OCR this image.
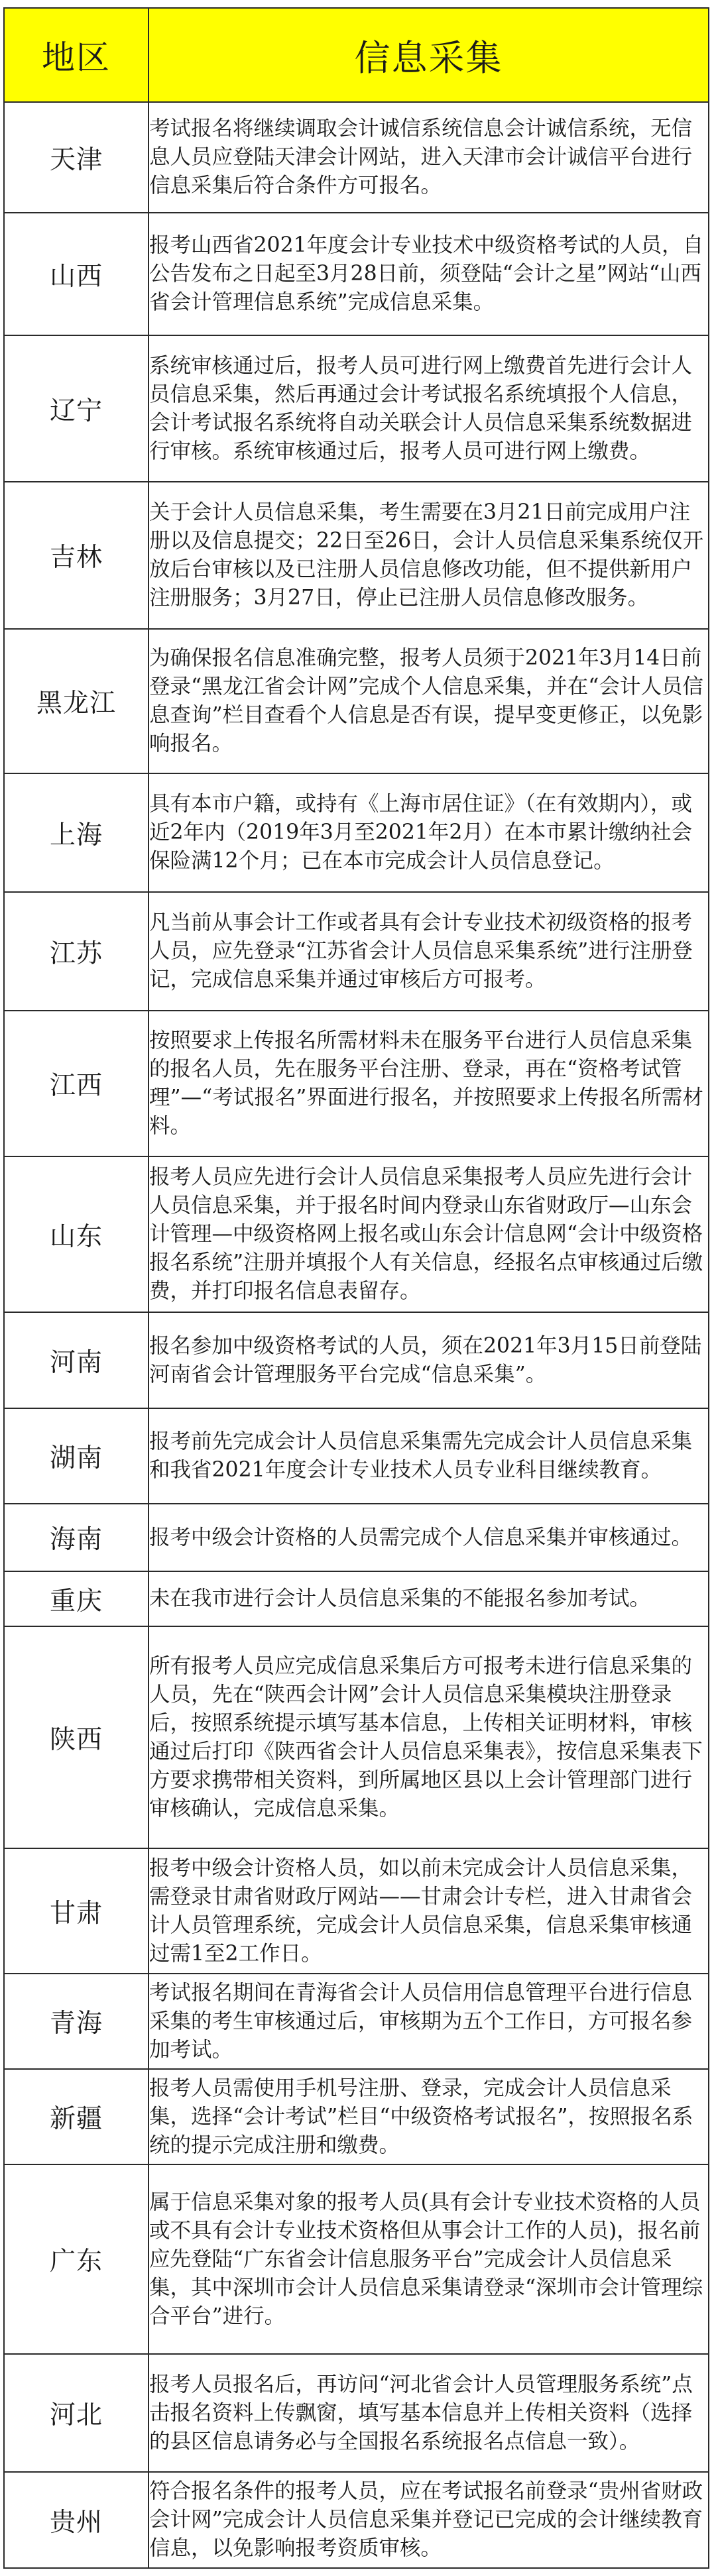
地区	信息采集
天津	考试报名将继续调取会计诚信系统信息会计诚信系统，无信息人员应登陆天津会计网站，进入天津市会计诚信平台进行信息采集后符合条件方可报名。
山西	报考山西省2021年度会计专业技术中级资格考试的人员，自公告发布之日起至3月28日前，须登陆“会计之星”网站“山西省会计管理信息系统”完成信息采集。
辽宁	系统审核通过后，报考人员可进行网上缴费首先进行会计人员信息采集，然后再通过会计考试报名系统填报个人信息，会计考试报名系统将自动关联会计人员信息采集系统数据进行审核。系统审核通过后，报考人员可进行网上缴费。
吉林	关于会计人员信息采集，考生需要在3月21日前完成用户注册以及信息提交；22日至26日，会计人员信息采集系统仅开放后台审核以及已注册人员信息修改功能，但不提供新用户注册服务；3月27日，停止已注册人员信息修改服务。
黑龙江	为确保报名信息准确完整，报考人员须于2021年3月14日前登录“黑龙江省会计网”完成个人信息采集，并在“会计人员信息查询”栏目查看个人信息是否有误，提早变更修正，以免影响报名。
上海	具有本市户籍，或持有《上海市居住证》（在有效期内），或近2年内（2019年3月至2021年2月）在本市累计缴纳社会保险满12个月；已在本市完成会计人员信息登记。
江苏	凡当前从事会计工作或者具有会计专业技术初级资格的报考人员，应先登录“江苏省会计人员信息采集系统”进行注册登记，完成信息采集并通过审核后方可报考。
江西	按照要求上传报名所需材料未在服务平台进行人员信息采集的报名人员，先在服务平台注册、登录，再在“资格考试管理”—“考试报名”界面进行报名，并按照要求上传报名所需材料。
山东	报考人员应先进行会计人员信息采集报考人员应先进行会计人员信息采集，并于报名时间内登录山东省财政厅—山东会计管理—中级资格网上报名或山东会计信息网“会计中级资格报名系统”注册并填报个人有关信息，经报名点审核通过后缴费，并打印报名信息表留存。
河南	报名参加中级资格考试的人员，须在2021年3月15日前登陆河南省会计管理服务平台完成“信息采集”。
湖南	报考前先完成会计人员信息采集需先完成会计人员信息采集和我省2021年度会计专业技术人员专业科目继续教育。
海南	报考中级会计资格的人员需完成个人信息采集并审核通过。
重庆	未在我市进行会计人员信息采集的不能报名参加考试。
陕西	所有报考人员应完成信息采集后方可报考未进行信息采集的人员，先在“陕西会计网”会计人员信息采集模块注册登录后，按照系统提示填写基本信息，上传相关证明材料，审核通过后打印《陕西省会计人员信息采集表》，按信息采集表下方要求携带相关资料，到所属地区县以上会计管理部门进行审核确认，完成信息采集。
甘肃	报考中级会计资格人员，如以前未完成会计人员信息采集，需登录甘肃省财政厅网站——甘肃会计专栏，进入甘肃省会计人员管理系统，完成会计人员信息采集，信息采集审核通过需1至2工作日。
青海	考试报名期间在青海省会计人员信用信息管理平台进行信息采集的考生审核通过后，审核期为五个工作日，方可报名参加考试。
新疆	报考人员需使用手机号注册、登录，完成会计人员信息采集，选择“会计考试”栏目“中级资格考试报名”，按照报名系统的提示完成注册和缴费。
广东	属于信息采集对象的报考人员(具有会计专业技术资格的人员或不具有会计专业技术资格但从事会计工作的人员)，报名前应先登陆“广东省会计信息服务平台”完成会计人员信息采集，其中深圳市会计人员信息采集请登录“深圳市会计管理综合平台”进行。
河北	报考人员报名后，再访问“河北省会计人员管理服务系统”点击报名资料上传飘窗，填写基本信息并上传相关资料（选择的县区信息请务必与全国报名系统报名点信息一致）。
贵州	符合报名条件的报考人员，应在考试报名前登录“贵州省财政会计网”完成会计人员信息采集并登记已完成的会计继续教育信息，以免影响报考资质审核。
